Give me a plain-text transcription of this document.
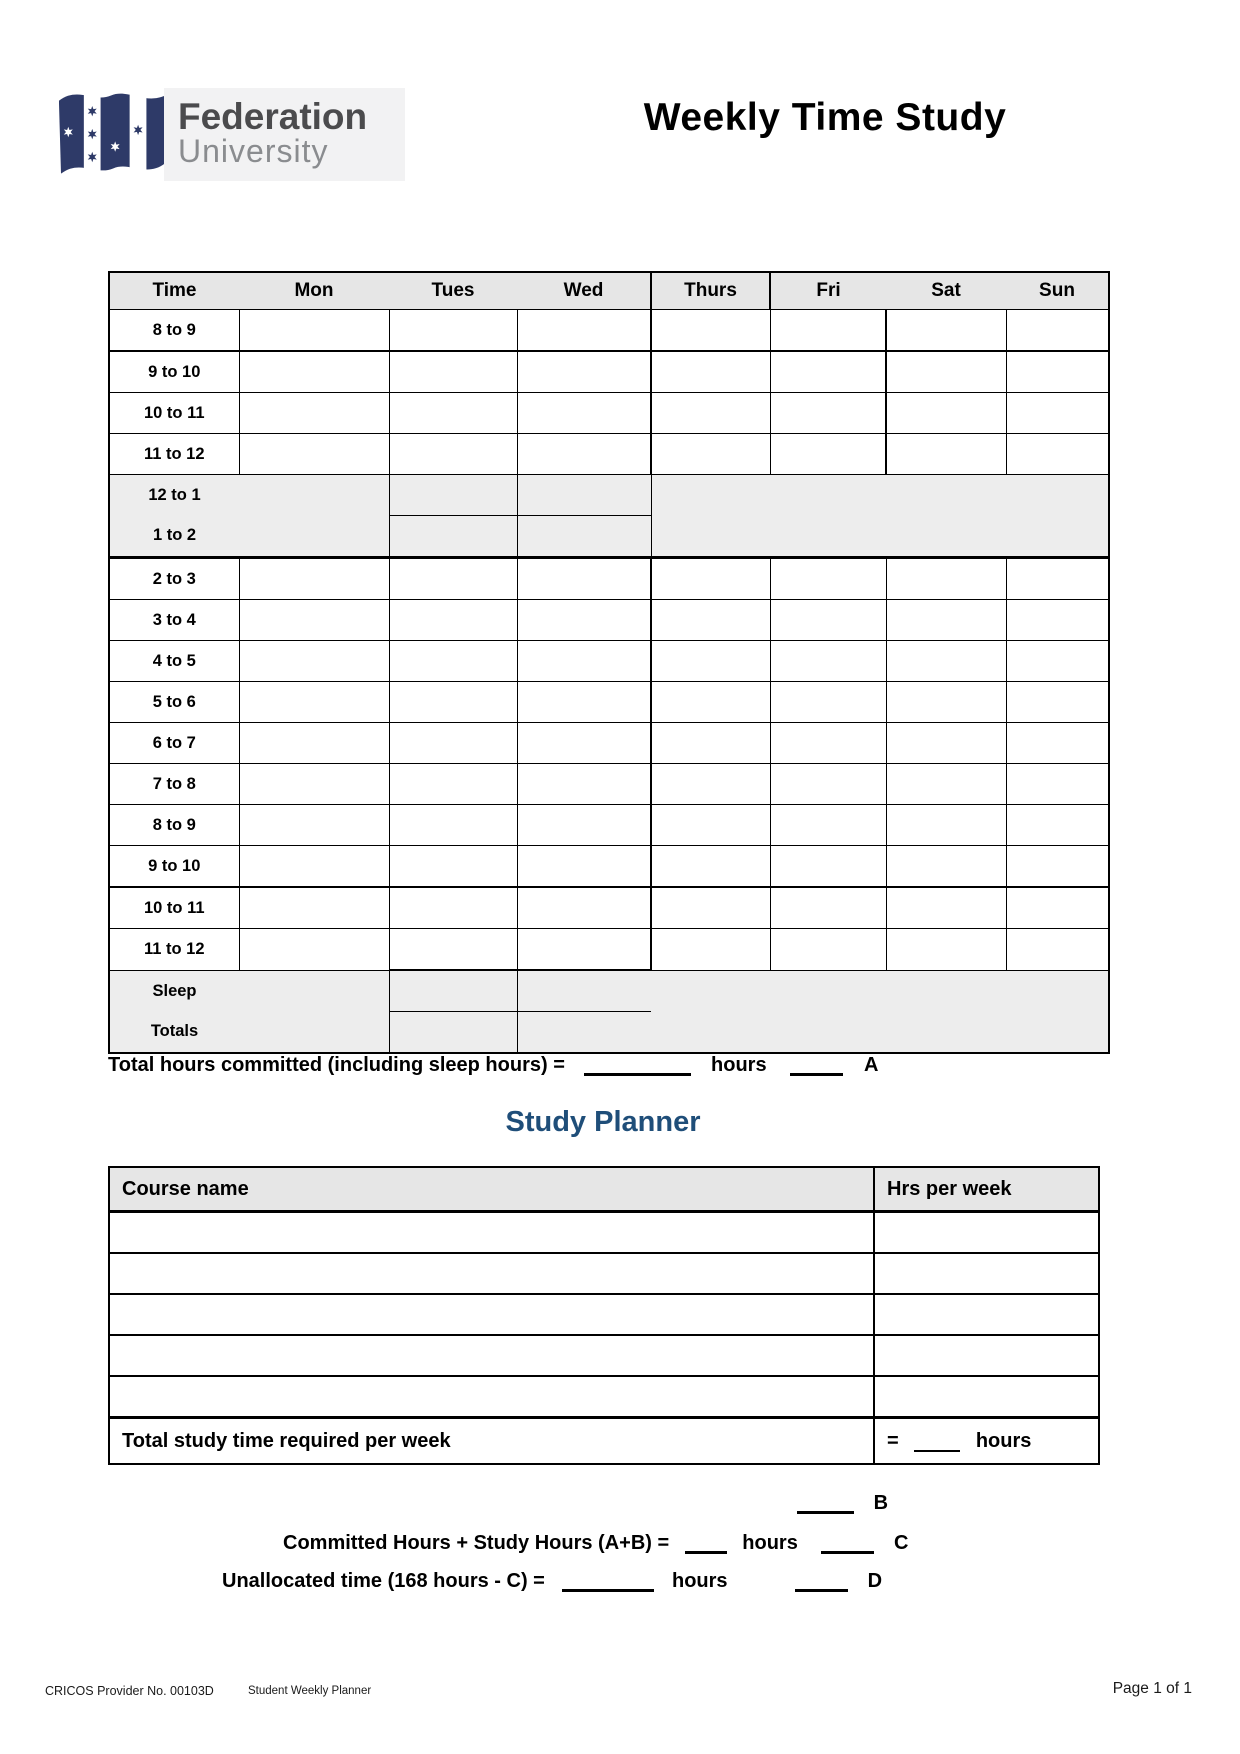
Federation
University
Weekly Time Study
Time	Mon	Tues	Wed	Thurs	Fri	Sat	Sun
8 to 9							
9 to 10							
10 to 11							
11 to 12							
12 to 1							
1 to 2							
2 to 3							
3 to 4							
4 to 5							
5 to 6							
6 to 7							
7 to 8							
8 to 9							
9 to 10							
10 to 11							
11 to 12							
Sleep							
Totals							
Total hours committed (including sleep hours) =	hours	A
Study Planner
Course name	Hrs per week

Total study time required per week	= hours
B
Committed Hours + Study Hours (A+B) =	hours	C
Unallocated time (168 hours - C) =	hours	D
CRICOS Provider No. 00103D	Student Weekly Planner	Page 1 of 1
